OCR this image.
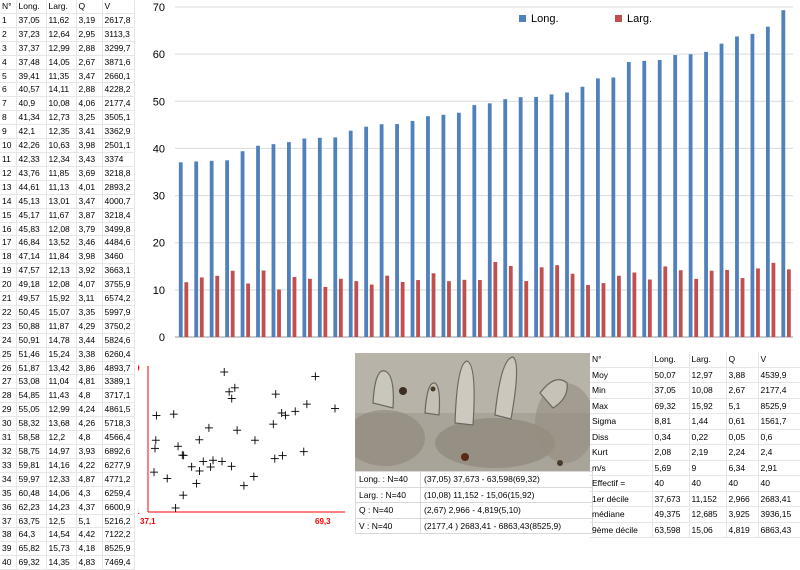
N°	Long.	Larg.	Q	V
1	37,05	11,62	3,19	2617,8
2	37,23	12,64	2,95	3113,3
3	37,37	12,99	2,88	3299,7
4	37,48	14,05	2,67	3871,6
5	39,41	11,35	3,47	2660,1
6	40,57	14,11	2,88	4228,2
7	40,9	10,08	4,06	2177,4
8	41,34	12,73	3,25	3505,1
9	42,1	12,35	3,41	3362,9
10	42,26	10,63	3,98	2501,1
11	42,33	12,34	3,43	3374
12	43,76	11,85	3,69	3218,8
13	44,61	11,13	4,01	2893,2
14	45,13	13,01	3,47	4000,7
15	45,17	11,67	3,87	3218,4
16	45,83	12,08	3,79	3499,8
17	46,84	13,52	3,46	4484,6
18	47,14	11,84	3,98	3460
19	47,57	12,13	3,92	3663,1
20	49,18	12,08	4,07	3755,9
21	49,57	15,92	3,11	6574,2
22	50,45	15,07	3,35	5997,9
23	50,88	11,87	4,29	3750,2
24	50,91	14,78	3,44	5824,6
25	51,46	15,24	3,38	6260,4
26	51,87	13,42	3,86	4893,7
27	53,08	11,04	4,81	3389,1
28	54,85	11,43	4,8	3717,1
29	55,05	12,99	4,24	4861,5
30	58,32	13,68	4,26	5718,3
31	58,58	12,2	4,8	4566,4
32	58,75	14,97	3,93	6892,6
33	59,81	14,16	4,22	6277,9
34	59,97	12,33	4,87	4771,2
35	60,48	14,06	4,3	6259,4
36	62,23	14,23	4,37	6600,9
37	63,75	12,5	5,1	5216,2
38	64,3	14,54	4,42	7122,2
39	65,82	15,73	4,18	8525,9
40	69,32	14,35	4,83	7469,4
0
10
20
30
40
50
60
70
Long.	Larg.
37,1	69,3
Long. : N=40	(37,05) 37,673 - 63,598(69,32)
Larg. : N=40	(10,08) 11,152 - 15,06(15,92)
Q : N=40	(2,67) 2,966 - 4,819(5,10)
V : N=40	(2177,4 ) 2683,41 - 6863,43(8525,9)
N°	Long.	Larg.	Q	V
Moy	50,07	12,97	3,88	4539,9
Min	37,05	10,08	2,67	2177,4
Max	69,32	15,92	5,1	8525,9
Sigma	8,81	1,44	0,61	1561,7
Diss	0,34	0,22	0,05	0,6
Kurt	2,08	2,19	2,24	2,4
m/s	5,69	9	6,34	2,91
Effectif =	40	40	40	40
1er décile	37,673	11,152	2,966	2683,41
médiane	49,375	12,685	3,925	3936,15
9ème décile	63,598	15,06	4,819	6863,43
